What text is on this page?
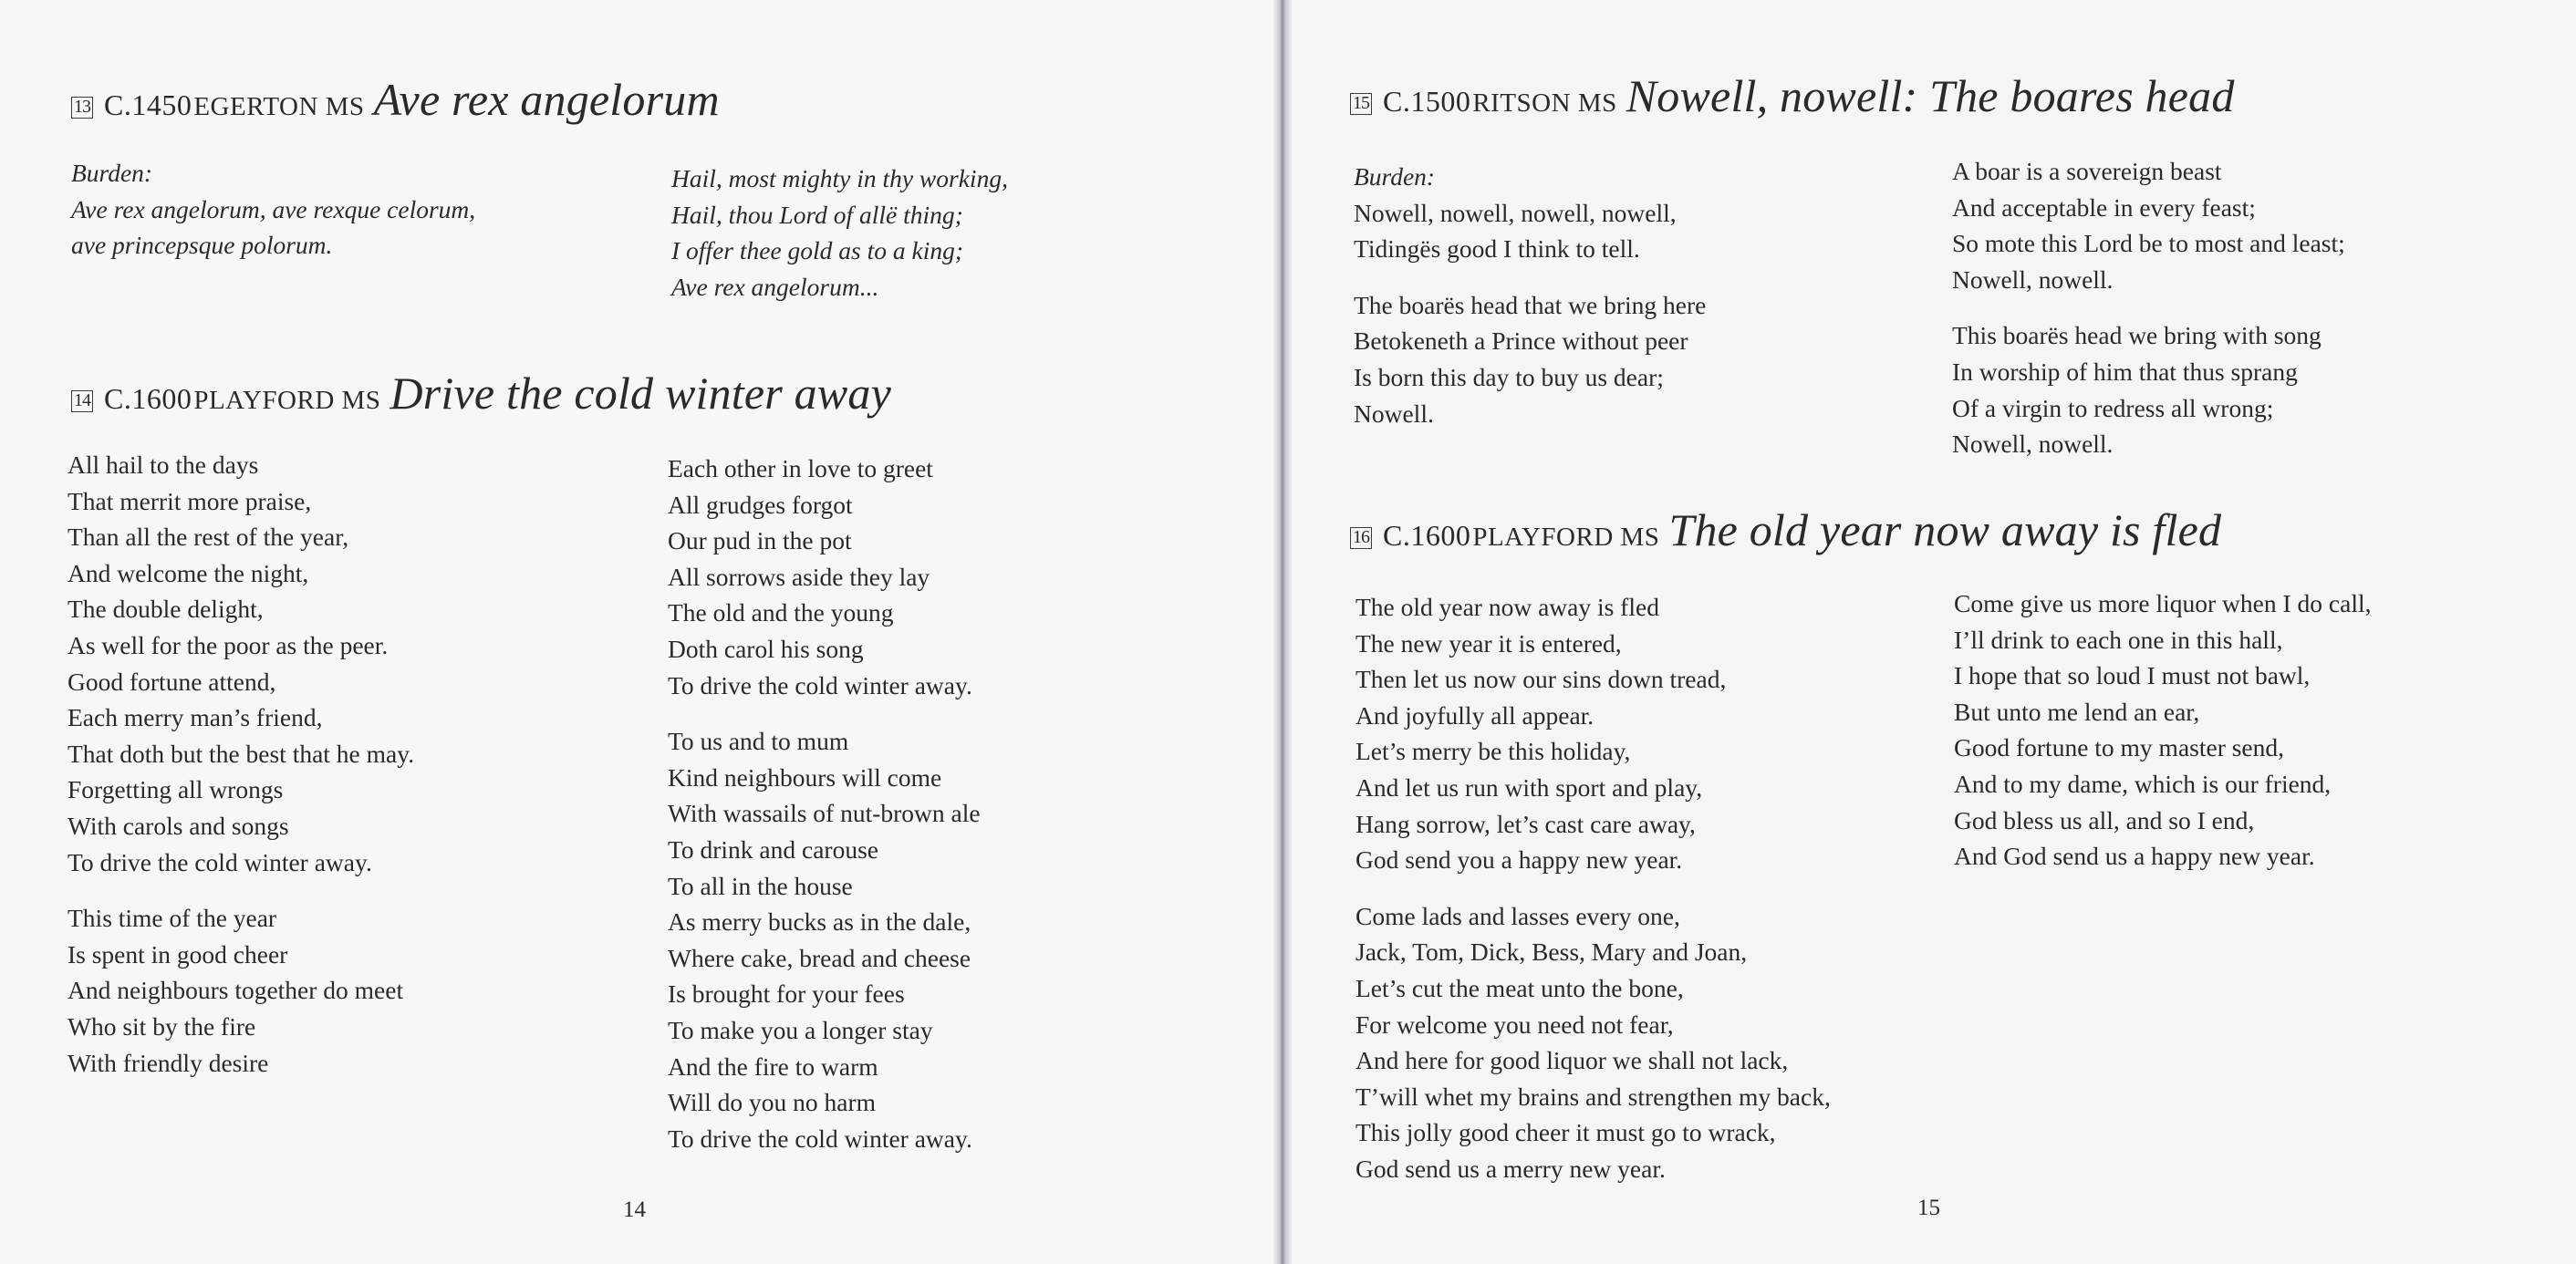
13 C.1450 EGERTON MS Ave rex angelorum
Burden:
Ave rex angelorum, ave rexque celorum,
ave princepsque polorum.
Hail, most mighty in thy working,
Hail, thou Lord of allë thing;
I offer thee gold as to a king;
Ave rex angelorum...
14 C.1600 PLAYFORD MS Drive the cold winter away
All hail to the days
That merrit more praise,
Than all the rest of the year,
And welcome the night,
The double delight,
As well for the poor as the peer.
Good fortune attend,
Each merry man’s friend,
That doth but the best that he may.
Forgetting all wrongs
With carols and songs
To drive the cold winter away.
This time of the year
Is spent in good cheer
And neighbours together do meet
Who sit by the fire
With friendly desire
Each other in love to greet
All grudges forgot
Our pud in the pot
All sorrows aside they lay
The old and the young
Doth carol his song
To drive the cold winter away.
To us and to mum
Kind neighbours will come
With wassails of nut-brown ale
To drink and carouse
To all in the house
As merry bucks as in the dale,
Where cake, bread and cheese
Is brought for your fees
To make you a longer stay
And the fire to warm
Will do you no harm
To drive the cold winter away.
14
15 C.1500 RITSON MS Nowell, nowell: The boares head
Burden:
Nowell, nowell, nowell, nowell,
Tidingës good I think to tell.
The boarës head that we bring here
Betokeneth a Prince without peer
Is born this day to buy us dear;
Nowell.
A boar is a sovereign beast
And acceptable in every feast;
So mote this Lord be to most and least;
Nowell, nowell.
This boarës head we bring with song
In worship of him that thus sprang
Of a virgin to redress all wrong;
Nowell, nowell.
16 C.1600 PLAYFORD MS The old year now away is fled
The old year now away is fled
The new year it is entered,
Then let us now our sins down tread,
And joyfully all appear.
Let’s merry be this holiday,
And let us run with sport and play,
Hang sorrow, let’s cast care away,
God send you a happy new year.
Come lads and lasses every one,
Jack, Tom, Dick, Bess, Mary and Joan,
Let’s cut the meat unto the bone,
For welcome you need not fear,
And here for good liquor we shall not lack,
T’will whet my brains and strengthen my back,
This jolly good cheer it must go to wrack,
God send us a merry new year.
Come give us more liquor when I do call,
I’ll drink to each one in this hall,
I hope that so loud I must not bawl,
But unto me lend an ear,
Good fortune to my master send,
And to my dame, which is our friend,
God bless us all, and so I end,
And God send us a happy new year.
15
